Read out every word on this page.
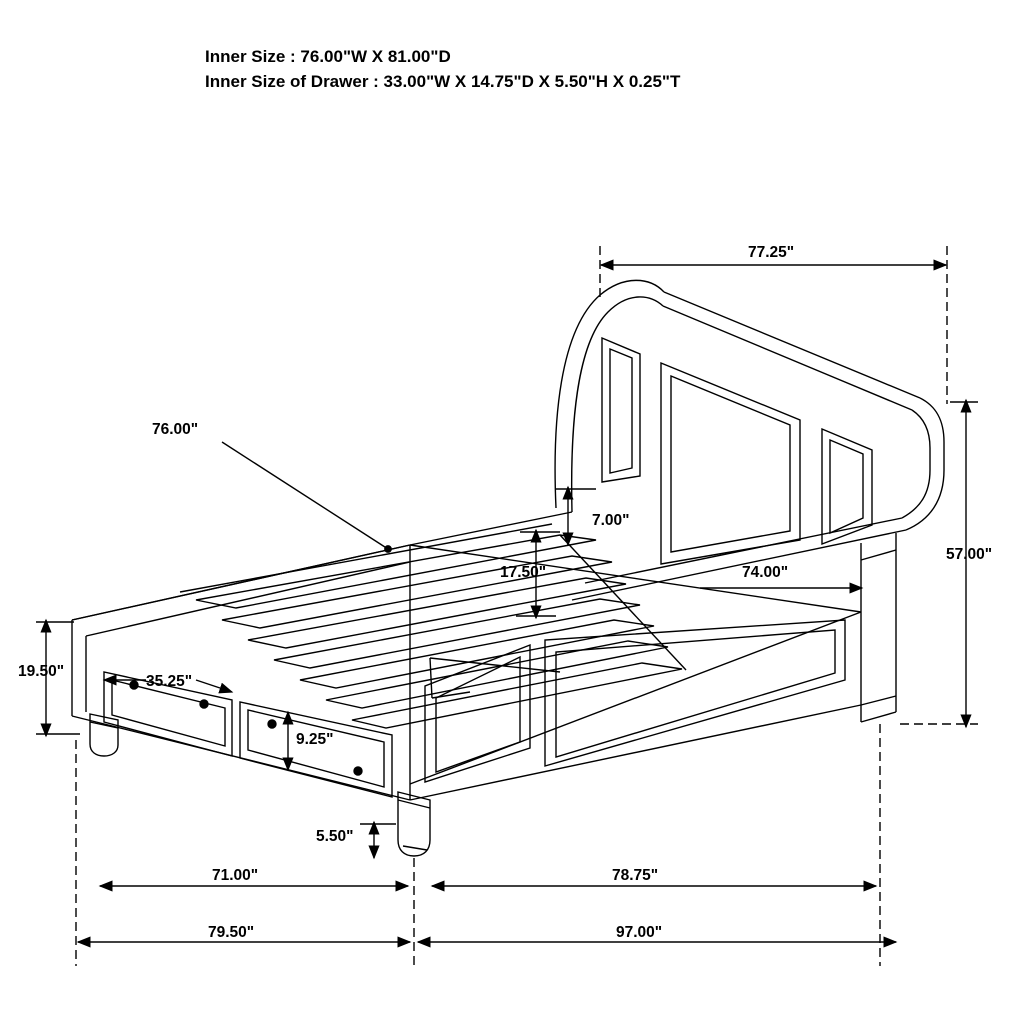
Inner Size : 76.00"W X 81.00"D
Inner Size of Drawer : 33.00"W X 14.75"D X 5.50"H X 0.25"T
77.25"
57.00"
76.00"
7.00"
17.50"	74.00"
19.50"
35.25"
9.25"
5.50"
71.00"	78.75"
79.50"	97.00"
